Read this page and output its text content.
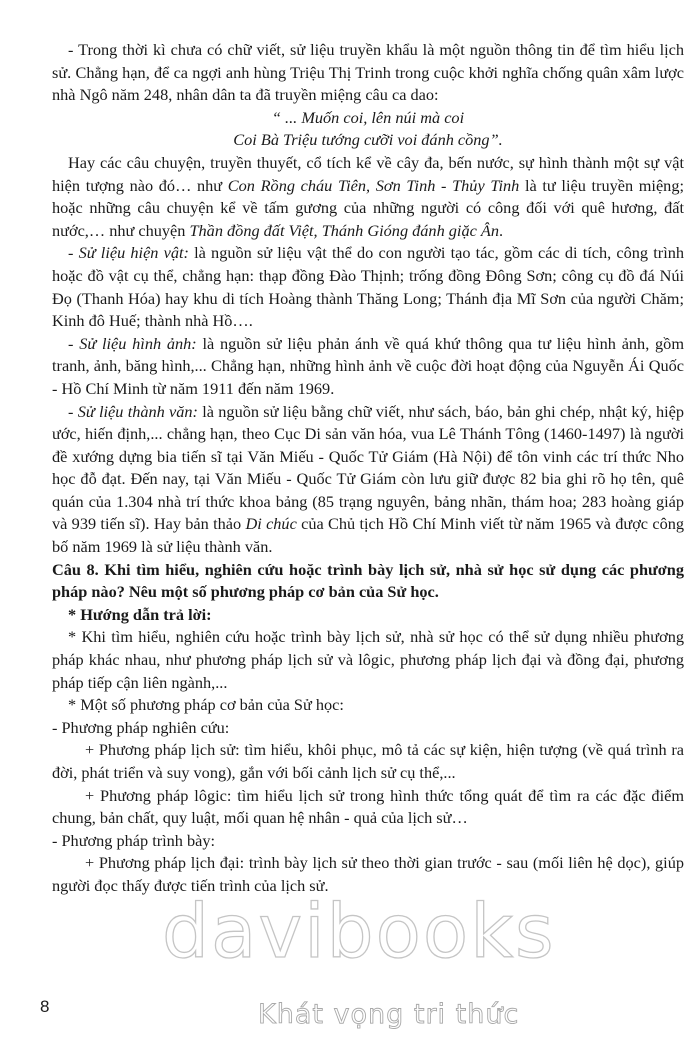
- Trong thời kì chưa có chữ viết, sử liệu truyền khẩu là một nguồn thông tin để tìm hiểu lịch sử. Chẳng hạn, để ca ngợi anh hùng Triệu Thị Trinh trong cuộc khởi nghĩa chống quân xâm lược nhà Ngô năm 248, nhân dân ta đã truyền miệng câu ca dao:

“ ... Muốn coi, lên núi mà coi

Coi Bà Triệu tướng cưỡi voi đánh cồng”.

Hay các câu chuyện, truyền thuyết, cổ tích kể về cây đa, bến nước, sự hình thành một sự vật hiện tượng nào đó… như Con Rồng cháu Tiên, Sơn Tinh - Thủy Tinh là tư liệu truyền miệng; hoặc những câu chuyện kể về tấm gương của những người có công đối với quê hương, đất nước,… như chuyện Thần đồng đất Việt, Thánh Gióng đánh giặc Ân.

- Sử liệu hiện vật: là nguồn sử liệu vật thể do con người tạo tác, gồm các di tích, công trình hoặc đồ vật cụ thể, chẳng hạn: thạp đồng Đào Thịnh; trống đồng Đông Sơn; công cụ đồ đá Núi Đọ (Thanh Hóa) hay khu di tích Hoàng thành Thăng Long; Thánh địa Mĩ Sơn của người Chăm; Kinh đô Huế; thành nhà Hồ….

- Sử liệu hình ảnh: là nguồn sử liệu phản ánh về quá khứ thông qua tư liệu hình ảnh, gồm tranh, ảnh, băng hình,... Chẳng hạn, những hình ảnh về cuộc đời hoạt động của Nguyễn Ái Quốc - Hồ Chí Minh từ năm 1911 đến năm 1969.

- Sử liệu thành văn: là nguồn sử liệu bằng chữ viết, như sách, báo, bản ghi chép, nhật ký, hiệp ước, hiến định,... chẳng hạn, theo Cục Di sản văn hóa, vua Lê Thánh Tông (1460-1497) là người đề xướng dựng bia tiến sĩ tại Văn Miếu - Quốc Tử Giám (Hà Nội) để tôn vinh các trí thức Nho học đỗ đạt. Đến nay, tại Văn Miếu - Quốc Tử Giám còn lưu giữ được 82 bia ghi rõ họ tên, quê quán của 1.304 nhà trí thức khoa bảng (85 trạng nguyên, bảng nhãn, thám hoa; 283 hoàng giáp và 939 tiến sĩ). Hay bản thảo Di chúc của Chủ tịch Hồ Chí Minh viết từ năm 1965 và được công bố năm 1969 là sử liệu thành văn.

Câu 8. Khi tìm hiểu, nghiên cứu hoặc trình bày lịch sử, nhà sử học sử dụng các phương pháp nào? Nêu một số phương pháp cơ bản của Sử học.

* Hướng dẫn trả lời:

* Khi tìm hiểu, nghiên cứu hoặc trình bày lịch sử, nhà sử học có thể sử dụng nhiều phương pháp khác nhau, như phương pháp lịch sử và lôgic, phương pháp lịch đại và đồng đại, phương pháp tiếp cận liên ngành,...

* Một số phương pháp cơ bản của Sử học:

- Phương pháp nghiên cứu:

+ Phương pháp lịch sử: tìm hiểu, khôi phục, mô tả các sự kiện, hiện tượng (về quá trình ra đời, phát triển và suy vong), gắn với bối cảnh lịch sử cụ thể,...

+ Phương pháp lôgic: tìm hiểu lịch sử trong hình thức tổng quát để tìm ra các đặc điểm chung, bản chất, quy luật, mối quan hệ nhân - quả của lịch sử…

- Phương pháp trình bày:

+ Phương pháp lịch đại: trình bày lịch sử theo thời gian trước - sau (mối liên hệ dọc), giúp người đọc thấy được tiến trình của lịch sử.

davibooks
Khát vọng tri thức
8
